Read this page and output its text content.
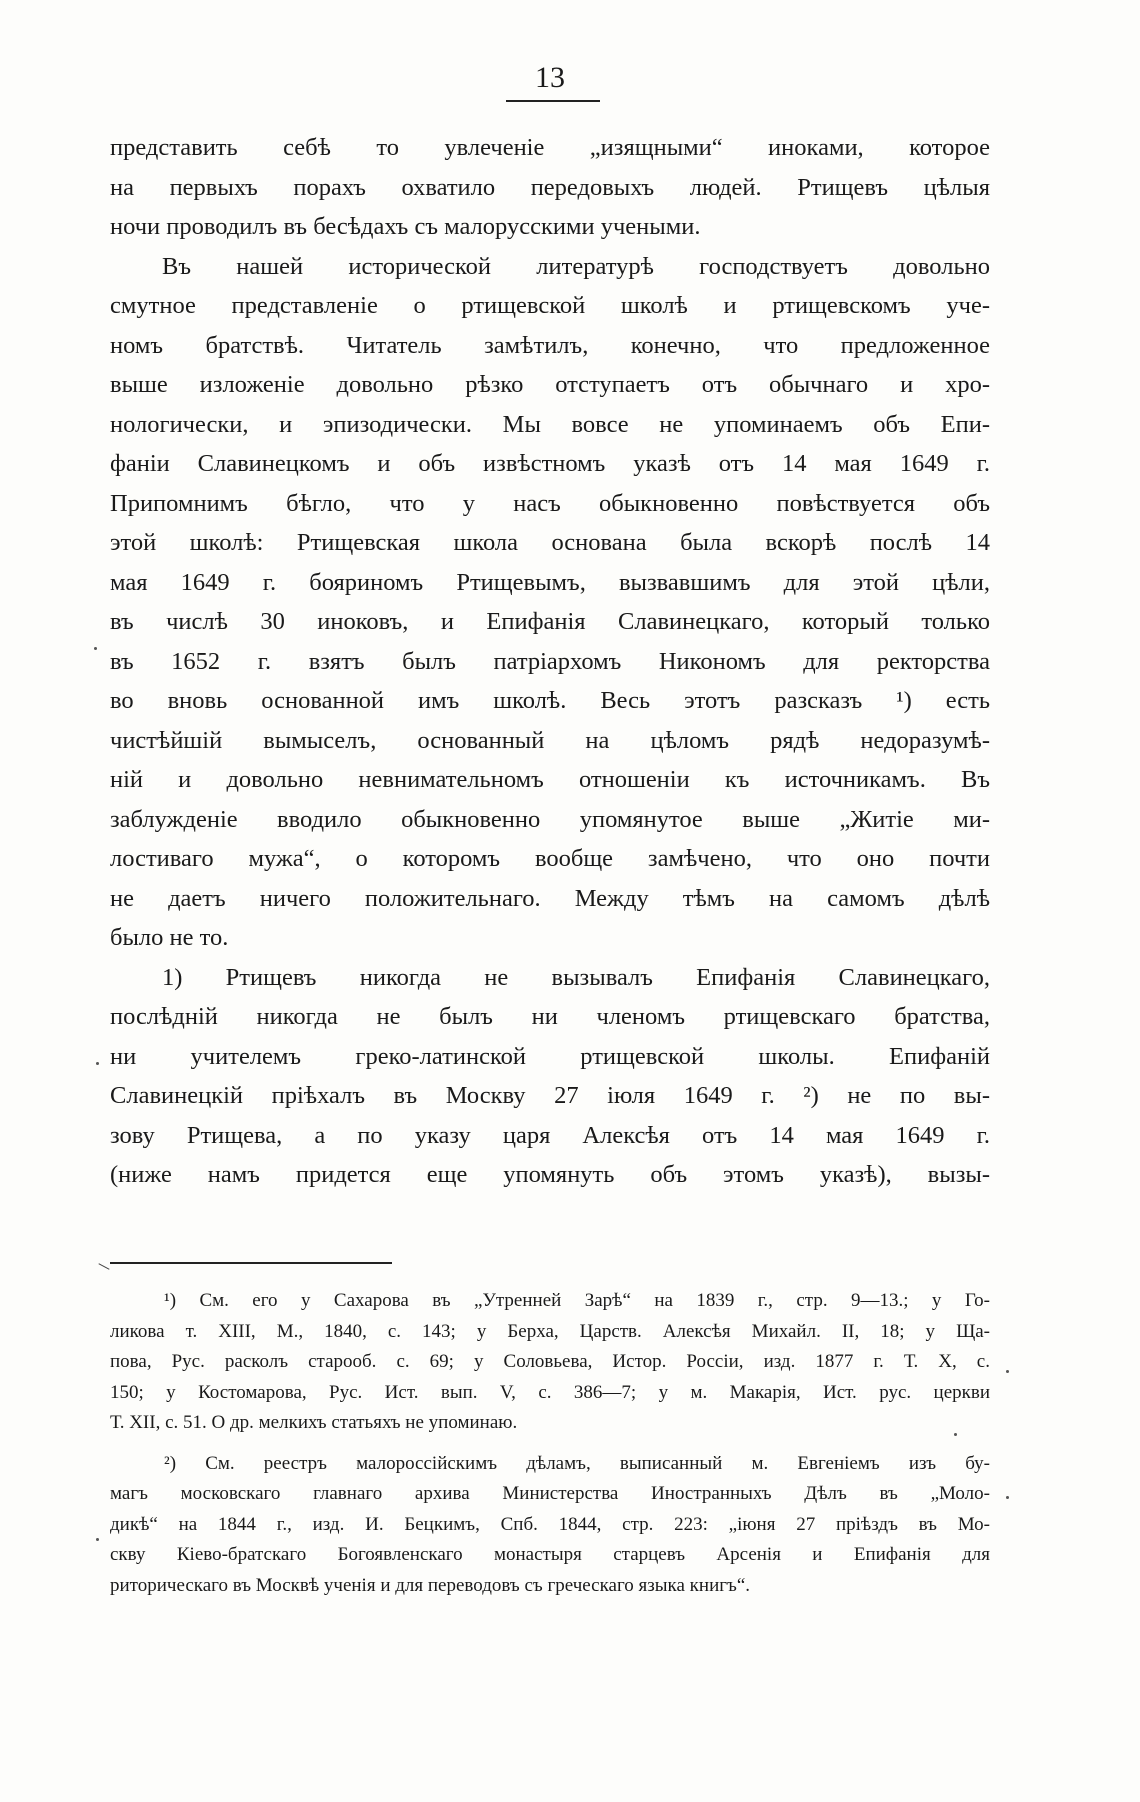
13
представить себѣ то увлеченіе „изящными“ иноками, которое
на первыхъ порахъ охватило передовыхъ людей. Ртищевъ цѣлыя
ночи проводилъ въ бесѣдахъ съ малорусскими учеными.
Въ нашей исторической литературѣ господствуетъ довольно
смутное представленіе о ртищевской школѣ и ртищевскомъ уче-
номъ братствѣ. Читатель замѣтилъ, конечно, что предложенное
выше изложеніе довольно рѣзко отступаетъ отъ обычнаго и хро-
нологически, и эпизодически. Мы вовсе не упоминаемъ объ Епи-
фаніи Славинецкомъ и объ извѣстномъ указѣ отъ 14 мая 1649 г.
Припомнимъ бѣгло, что у насъ обыкновенно повѣствуется объ
этой школѣ: Ртищевская школа основана была вскорѣ послѣ 14
мая 1649 г. бояриномъ Ртищевымъ, вызвавшимъ для этой цѣли,
въ числѣ 30 иноковъ, и Епифанія Славинецкаго, который только
въ 1652 г. взятъ былъ патріархомъ Никономъ для ректорства
во вновь основанной имъ школѣ. Весь этотъ разсказъ ¹) есть
чистѣйшій вымыселъ, основанный на цѣломъ рядѣ недоразумѣ-
ній и довольно невнимательномъ отношеніи къ источникамъ. Въ
заблужденіе вводило обыкновенно упомянутое выше „Житіе ми-
лостиваго мужа“, о которомъ вообще замѣчено, что оно почти
не даетъ ничего положительнаго. Между тѣмъ на самомъ дѣлѣ
было не то.
1) Ртищевъ никогда не вызывалъ Епифанія Славинецкаго,
послѣдній никогда не былъ ни членомъ ртищевскаго братства,
ни учителемъ греко-латинской ртищевской школы. Епифаній
Славинецкій пріѣхалъ въ Москву 27 іюля 1649 г. ²) не по вы-
зову Ртищева, а по указу царя Алексѣя отъ 14 мая 1649 г.
(ниже намъ придется еще упомянуть объ этомъ указѣ), вызы-
¹) См. его у Сахарова въ „Утренней Зарѣ“ на 1839 г., стр. 9—13.; у Го-
ликова т. XIII, М., 1840, с. 143; у Берха, Царств. Алексѣя Михайл. II, 18; у Ща-
пова, Рус. расколъ старооб. с. 69; у Соловьева, Истор. Россіи, изд. 1877 г. Т. X, с.
150; у Костомарова, Рус. Ист. вып. V, с. 386—7; у м. Макарія, Ист. рус. церкви
Т. XII, с. 51. О др. мелкихъ статьяхъ не упоминаю.
²) См. реестръ малороссійскимъ дѣламъ, выписанный м. Евгеніемъ изъ бу-
магъ московскаго главнаго архива Министерства Иностранныхъ Дѣлъ въ „Моло-
дикѣ“ на 1844 г., изд. И. Бецкимъ, Спб. 1844, стр. 223: „іюня 27 пріѣздъ въ Мо-
скву Кіево-братскаго Богоявленскаго монастыря старцевъ Арсенія и Епифанія для
риторическаго въ Москвѣ ученія и для переводовъ съ греческаго языка книгъ“.
